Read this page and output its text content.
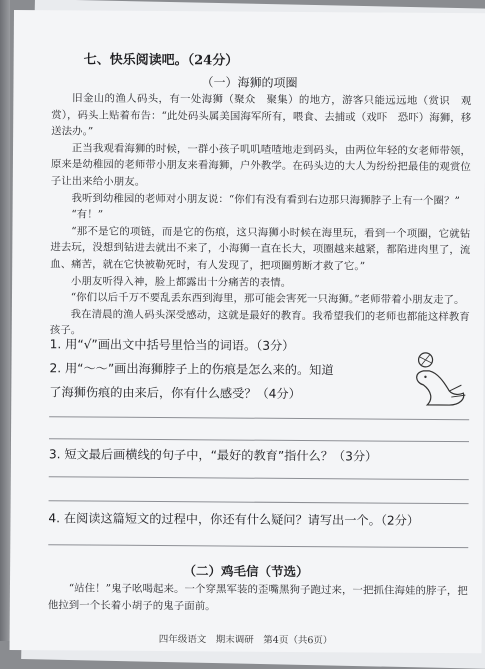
七、快乐阅读吧。（24分）
（一）海狮的项圈

旧金山的渔人码头，有一处海狮（聚众　聚集）的地方，游客只能远远地（赏识　观赏），码头上贴着布告：“此处码头属美国海军所有，喂食、去捕或（戏吓　恐吓）海狮，移送法办。”

正当我观看海狮的时候，一群小孩子叽叽喳喳地走到码头，由两位年轻的女老师带领，原来是幼稚园的老师带小朋友来看海狮，户外教学。在码头边的大人为纷纷把最佳的观赏位子让出来给小朋友。

我听到幼稚园的老师对小朋友说：“你们有没有看到右边那只海狮脖子上有一个圈？”

“有！”

“那不是它的项链，而是它的伤痕，这只海狮小时候在海里玩，看到一个项圈，它就钻进去玩，没想到钻进去就出不来了，小海狮一直在长大，项圈越来越紧，都陷进肉里了，流血、痛苦，就在它快被勒死时，有人发现了，把项圈剪断才救了它。”

小朋友听得入神，脸上都露出十分痛苦的表情。

“你们以后千万不要乱丢东西到海里，那可能会害死一只海狮。”老师带着小朋友走了。

我在清晨的渔人码头深受感动，这就是最好的教育。我希望我们的老师也都能这样教育孩子。

1. 用“√”画出文中括号里恰当的词语。（3分）
2. 用“～～”画出海狮脖子上的伤痕是怎么来的。知道
了海狮伤痕的由来后，你有什么感受？（4分）
3. 短文最后画横线的句子中，“最好的教育”指什么？（3分）
4. 在阅读这篇短文的过程中，你还有什么疑问？请写出一个。（2分）
（二）鸡毛信（节选）

“站住！”鬼子吆喝起来。一个穿黑军装的歪嘴黑狗子跑过来，一把抓住海娃的脖子，把他拉到一个长着小胡子的鬼子面前。

四年级语文　期末调研　第4页（共6页）
